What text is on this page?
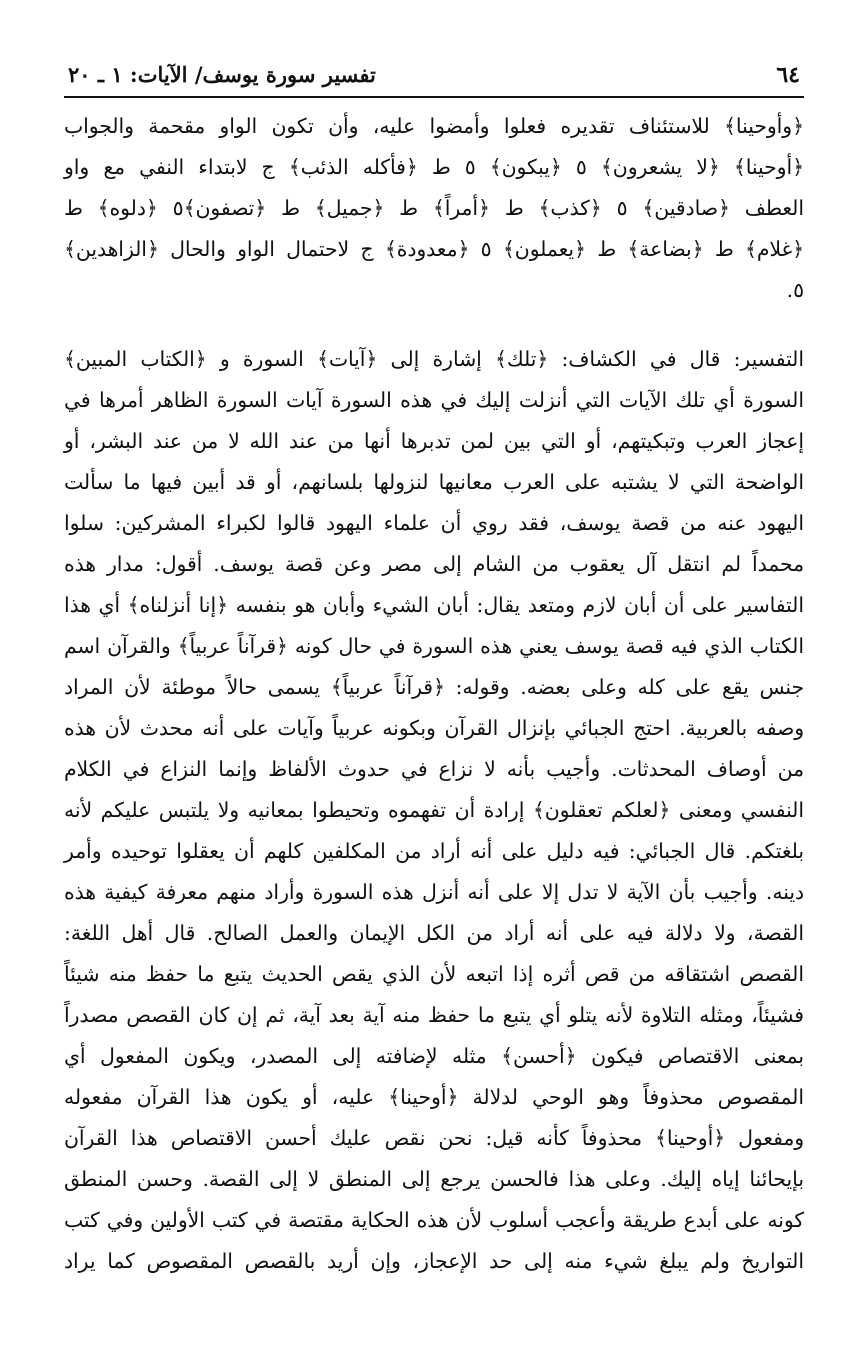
٦٤
تفسير سورة يوسف/ الآيات: ١ ـ ٢٠
﴿وأوحينا﴾ للاستئناف تقديره فعلوا وأمضوا عليه، وأن تكون الواو مقحمة والجواب
﴿أوحينا﴾ ﴿لا يشعرون﴾ ٥ ﴿يبكون﴾ ٥ ط ﴿فأكله الذئب﴾ ج لابتداء النفي مع واو
العطف ﴿صادقين﴾ ٥ ﴿كذب﴾ ط ﴿أمراً﴾ ط ﴿جميل﴾ ط ﴿تصفون﴾٥ ﴿دلوه﴾ ط
﴿غلام﴾ ط ﴿بضاعة﴾ ط ﴿يعملون﴾ ٥ ﴿معدودة﴾ ج لاحتمال الواو والحال ﴿الزاهدين﴾
٥.
التفسير: قال في الكشاف: ﴿تلك﴾ إشارة إلى ﴿آيات﴾ السورة و ﴿الكتاب المبين﴾
السورة أي تلك الآيات التي أنزلت إليك في هذه السورة آيات السورة الظاهر أمرها في
إعجاز العرب وتبكيتهم، أو التي بين لمن تدبرها أنها من عند الله لا من عند البشر، أو
الواضحة التي لا يشتبه على العرب معانيها لنزولها بلسانهم، أو قد أبين فيها ما سألت
اليهود عنه من قصة يوسف، فقد روي أن علماء اليهود قالوا لكبراء المشركين: سلوا
محمداً لم انتقل آل يعقوب من الشام إلى مصر وعن قصة يوسف. أقول: مدار هذه
التفاسير على أن أبان لازم ومتعد يقال: أبان الشيء وأبان هو بنفسه ﴿إنا أنزلناه﴾ أي هذا
الكتاب الذي فيه قصة يوسف يعني هذه السورة في حال كونه ﴿قرآناً عربياً﴾ والقرآن اسم
جنس يقع على كله وعلى بعضه. وقوله: ﴿قرآناً عربياً﴾ يسمى حالاً موطئة لأن المراد
وصفه بالعربية. احتج الجبائي بإنزال القرآن وبكونه عربياً وآيات على أنه محدث لأن هذه
من أوصاف المحدثات. وأجيب بأنه لا نزاع في حدوث الألفاظ وإنما النزاع في الكلام
النفسي ومعنى ﴿لعلكم تعقلون﴾ إرادة أن تفهموه وتحيطوا بمعانيه ولا يلتبس عليكم لأنه
بلغتكم. قال الجبائي: فيه دليل على أنه أراد من المكلفين كلهم أن يعقلوا توحيده وأمر
دينه. وأجيب بأن الآية لا تدل إلا على أنه أنزل هذه السورة وأراد منهم معرفة كيفية هذه
القصة، ولا دلالة فيه على أنه أراد من الكل الإيمان والعمل الصالح. قال أهل اللغة:
القصص اشتقاقه من قص أثره إذا اتبعه لأن الذي يقص الحديث يتبع ما حفظ منه شيئاً
فشيئاً، ومثله التلاوة لأنه يتلو أي يتبع ما حفظ منه آية بعد آية، ثم إن كان القصص مصدراً
بمعنى الاقتصاص فيكون ﴿أحسن﴾ مثله لإضافته إلى المصدر، ويكون المفعول أي
المقصوص محذوفاً وهو الوحي لدلالة ﴿أوحينا﴾ عليه، أو يكون هذا القرآن مفعوله
ومفعول ﴿أوحينا﴾ محذوفاً كأنه قيل: نحن نقص عليك أحسن الاقتصاص هذا القرآن
بإيحائنا إياه إليك. وعلى هذا فالحسن يرجع إلى المنطق لا إلى القصة. وحسن المنطق
كونه على أبدع طريقة وأعجب أسلوب لأن هذه الحكاية مقتصة في كتب الأولين وفي كتب
التواريخ ولم يبلغ شيء منه إلى حد الإعجاز، وإن أريد بالقصص المقصوص كما يراد
